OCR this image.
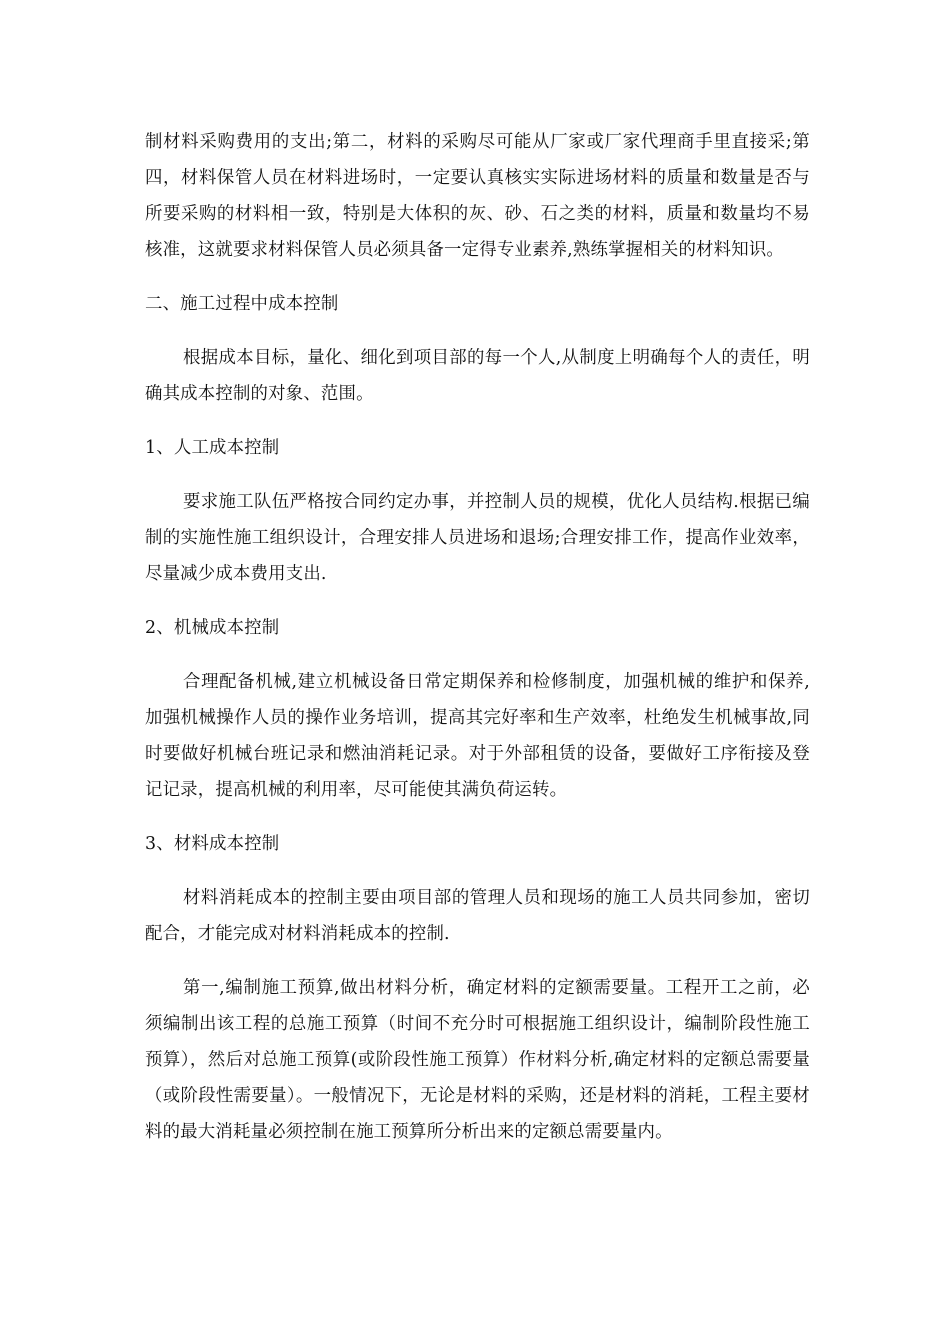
制材料采购费用的支出;第二，材料的采购尽可能从厂家或厂家代理商手里直接采;第四，材料保管人员在材料进场时，一定要认真核实实际进场材料的质量和数量是否与所要采购的材料相一致，特别是大体积的灰、砂、石之类的材料，质量和数量均不易核准，这就要求材料保管人员必须具备一定得专业素养,熟练掌握相关的材料知识。

二、施工过程中成本控制

根据成本目标，量化、细化到项目部的每一个人,从制度上明确每个人的责任，明确其成本控制的对象、范围。

1、人工成本控制

要求施工队伍严格按合同约定办事，并控制人员的规模，优化人员结构.根据已编制的实施性施工组织设计，合理安排人员进场和退场;合理安排工作，提高作业效率，尽量减少成本费用支出.

2、机械成本控制

合理配备机械,建立机械设备日常定期保养和检修制度，加强机械的维护和保养,加强机械操作人员的操作业务培训，提高其完好率和生产效率，杜绝发生机械事故,同时要做好机械台班记录和燃油消耗记录。对于外部租赁的设备，要做好工序衔接及登记记录，提高机械的利用率，尽可能使其满负荷运转。

3、材料成本控制

材料消耗成本的控制主要由项目部的管理人员和现场的施工人员共同参加，密切配合，才能完成对材料消耗成本的控制.

第一,编制施工预算,做出材料分析，确定材料的定额需要量。工程开工之前，必须编制出该工程的总施工预算（时间不充分时可根据施工组织设计，编制阶段性施工预算），然后对总施工预算(或阶段性施工预算）作材料分析,确定材料的定额总需要量（或阶段性需要量）。一般情况下，无论是材料的采购，还是材料的消耗，工程主要材料的最大消耗量必须控制在施工预算所分析出来的定额总需要量内。
